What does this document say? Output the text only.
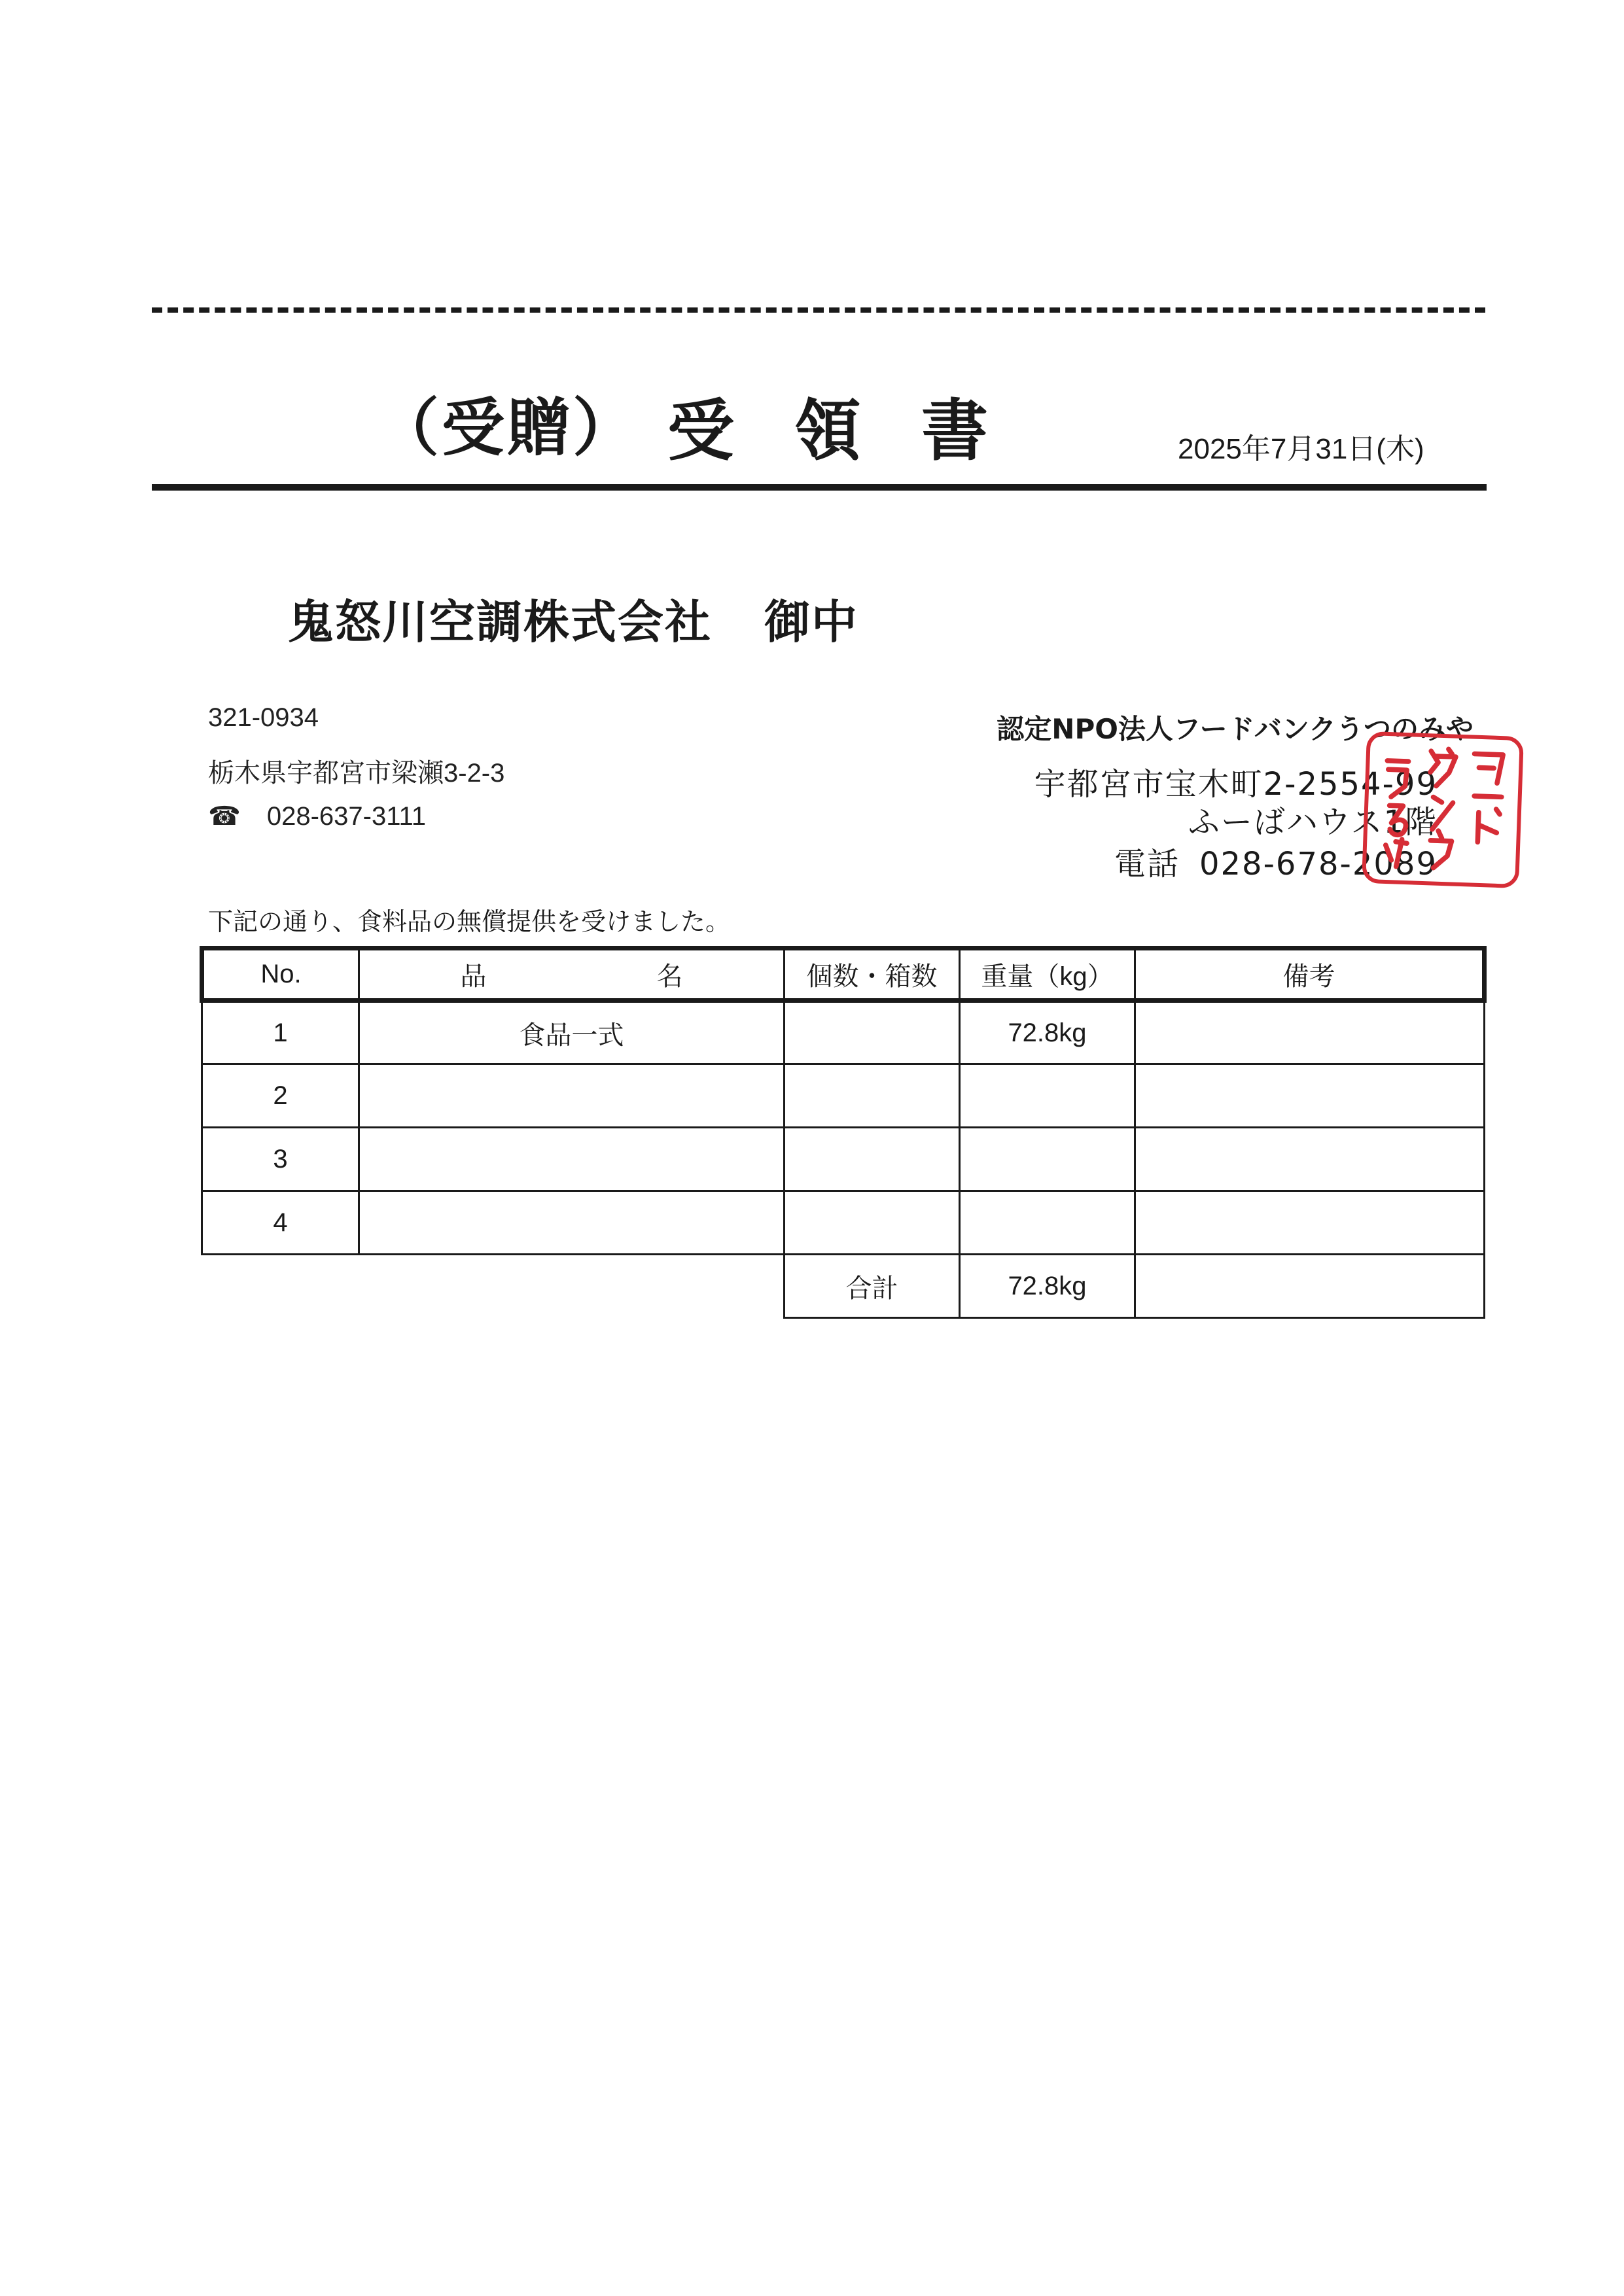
（受贈） 受領書	2025年7月31日(木)
鬼怒川空調株式会社 御中
321-0934
栃木県宇都宮市梁瀬3-2-3
☎ 028-637-3111
認定NPO法人フードバンクうつのみや
宇都宮市宝木町2-2554-99
ふーばハウス1階
電話 028-678-2089
下記の通り、食料品の無償提供を受けました。
No.	品　名	個数・箱数	重量（kg）	備考
1	食品一式		72.8kg	
2				
3				
4				
		合計	72.8kg	
